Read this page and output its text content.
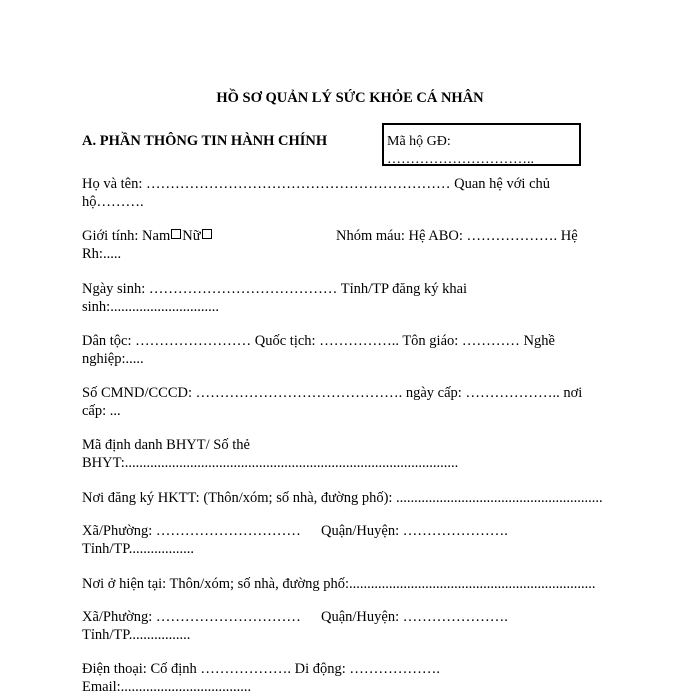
HỒ SƠ QUẢN LÝ SỨC KHỎE CÁ NHÂN
A. PHẦN THÔNG TIN HÀNH CHÍNH	Mã hộ GĐ:
…………………………..
Họ và tên: ……………………………………………………… Quan hệ với chủ
hộ……….
Giới tính: Nam Nữ	Nhóm máu: Hệ ABO: ………………. Hệ
Rh:.....
Ngày sinh: ………………………………… Tỉnh/TP đăng ký khai
sinh:..............................
Dân tộc: …………………… Quốc tịch: …………….. Tôn giáo: ………… Nghề
nghiệp:.....
Số CMND/CCCD: ……………………………………. ngày cấp: ……………….. nơi
cấp: ...
Mã định danh BHYT/ Số thẻ
BHYT:............................................................................................
Nơi đăng ký HKTT: (Thôn/xóm; số nhà, đường phố): .........................................................
Xã/Phường: ………………………… Quận/Huyện: ………………….
Tỉnh/TP..................
Nơi ở hiện tại: Thôn/xóm; số nhà, đường phố:....................................................................
Xã/Phường: ………………………… Quận/Huyện: ………………….
Tỉnh/TP.................
Điện thoại: Cố định ………………. Di động: ……………….
Email:....................................
